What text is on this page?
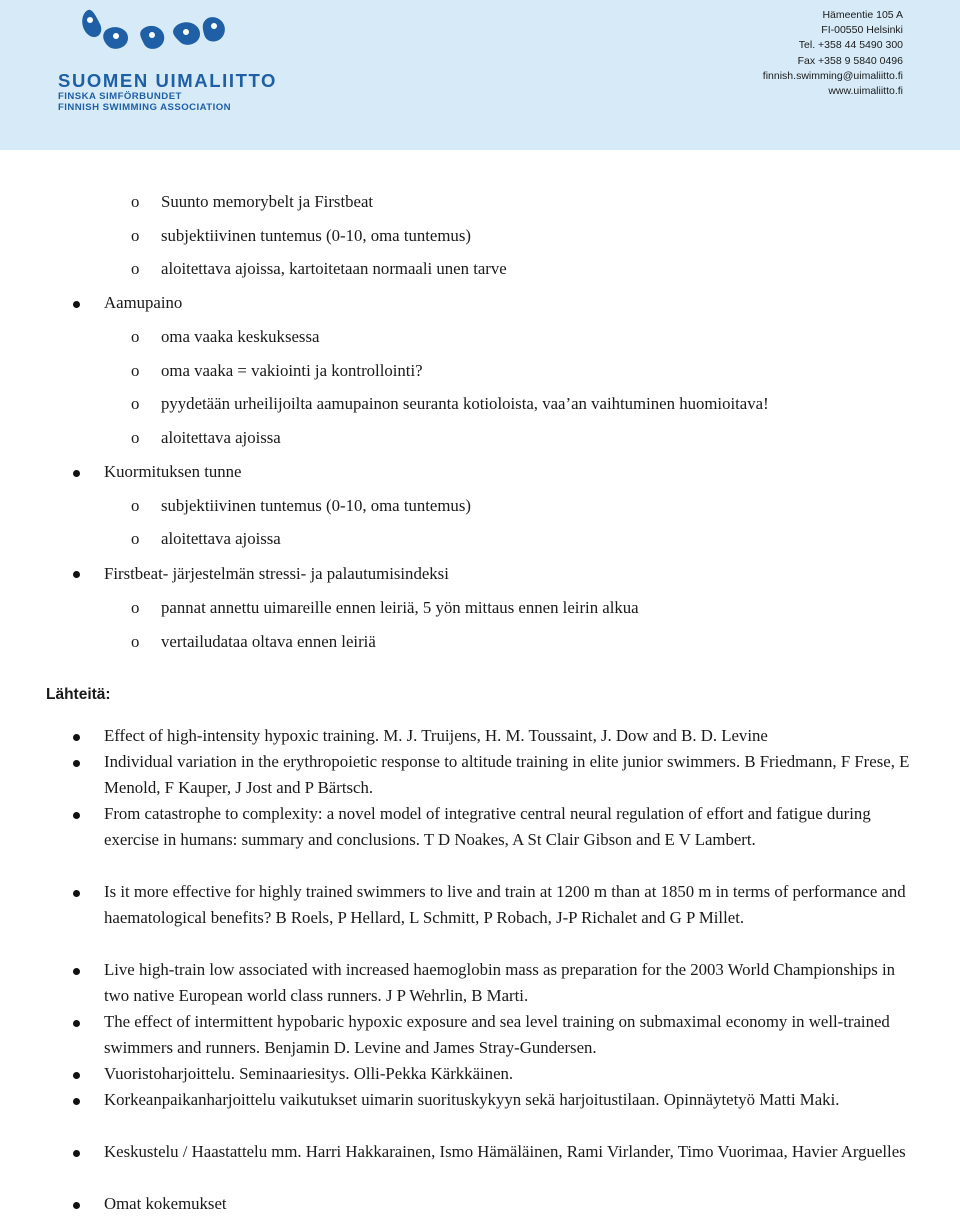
SUOMEN UIMALIITTO
FINSKA SIMFÖRBUNDET
FINNISH SWIMMING ASSOCIATION
Hämeentie 105 A
FI-00550 Helsinki
Tel. +358 44 5490 300
Fax +358 9 5840 0496
finnish.swimming@uimaliitto.fi
www.uimaliitto.fi
o Suunto memorybelt ja Firstbeat
o subjektiivinen tuntemus (0-10, oma tuntemus)
o aloitettava ajoissa, kartoitetaan normaali unen tarve
Aamupaino
o oma vaaka keskuksessa
o oma vaaka = vakiointi ja kontrollointi?
o pyydetään urheilijoilta aamupainon seuranta kotioloista, vaa’an vaihtuminen huomioitava!
o aloitettava ajoissa
Kuormituksen tunne
o subjektiivinen tuntemus (0-10, oma tuntemus)
o aloitettava ajoissa
Firstbeat- järjestelmän stressi- ja palautumisindeksi
o pannat annettu uimareille ennen leiriä, 5 yön mittaus ennen leirin alkua
o vertailudataa oltava ennen leiriä
Lähteitä:
Effect of high-intensity hypoxic training. M. J. Truijens, H. M. Toussaint, J. Dow and B. D. Levine
Individual variation in the erythropoietic response to altitude training in elite junior swimmers. B Friedmann, F Frese, E Menold, F Kauper, J Jost and P Bärtsch.
From catastrophe to complexity: a novel model of integrative central neural regulation of effort and fatigue during exercise in humans: summary and conclusions. T D Noakes, A St Clair Gibson and E V Lambert.
Is it more effective for highly trained swimmers to live and train at 1200 m than at 1850 m in terms of performance and haematological benefits? B Roels, P Hellard, L Schmitt, P Robach, J-P Richalet and G P Millet.
Live high-train low associated with increased haemoglobin mass as preparation for the 2003 World Championships in two native European world class runners. J P Wehrlin, B Marti.
The effect of intermittent hypobaric hypoxic exposure and sea level training on submaximal economy in well-trained swimmers and runners. Benjamin D. Levine and James Stray-Gundersen.
Vuoristoharjoittelu. Seminaariesitys. Olli-Pekka Kärkkäinen.
Korkeanpaikanharjoittelu vaikutukset uimarin suorituskykyyn sekä harjoitustilaan. Opinnäytetyö Matti Maki.
Keskustelu / Haastattelu mm. Harri Hakkarainen, Ismo Hämäläinen, Rami Virlander, Timo Vuorimaa, Havier Arguelles
Omat kokemukset
